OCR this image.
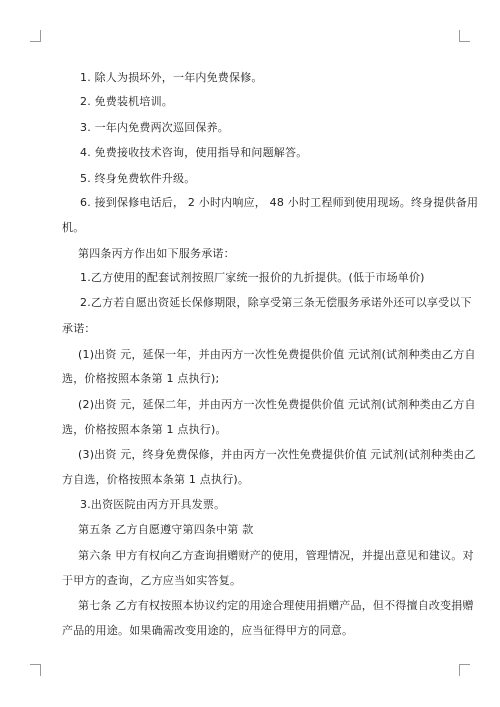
1. 除人为损坏外，一年内免费保修。
2. 免费装机培训。
3. 一年内免费两次巡回保养。
4. 免费接收技术咨询，使用指导和问题解答。
5. 终身免费软件升级。
6. 接到保修电话后， 2 小时内响应， 48 小时工程师到使用现场。终身提供备用
机。
第四条丙方作出如下服务承诺：
1.乙方使用的配套试剂按照厂家统一报价的九折提供。(低于市场单价)
2.乙方若自愿出资延长保修期限，除享受第三条无偿服务承诺外还可以享受以下
承诺：
(1)出资 元，延保一年，并由丙方一次性免费提供价值 元试剂(试剂种类由乙方自
选，价格按照本条第 1 点执行);
(2)出资 元，延保二年，并由丙方一次性免费提供价值 元试剂(试剂种类由乙方自
选，价格按照本条第 1 点执行)。
(3)出资 元，终身免费保修，并由丙方一次性免费提供价值 元试剂(试剂种类由乙
方自选，价格按照本条第 1 点执行)。
3.出资医院由丙方开具发票。
第五条 乙方自愿遵守第四条中第 款
第六条 甲方有权向乙方查询捐赠财产的使用，管理情况，并提出意见和建议。对
于甲方的查询，乙方应当如实答复。
第七条 乙方有权按照本协议约定的用途合理使用捐赠产品，但不得擅自改变捐赠
产品的用途。如果确需改变用途的，应当征得甲方的同意。
